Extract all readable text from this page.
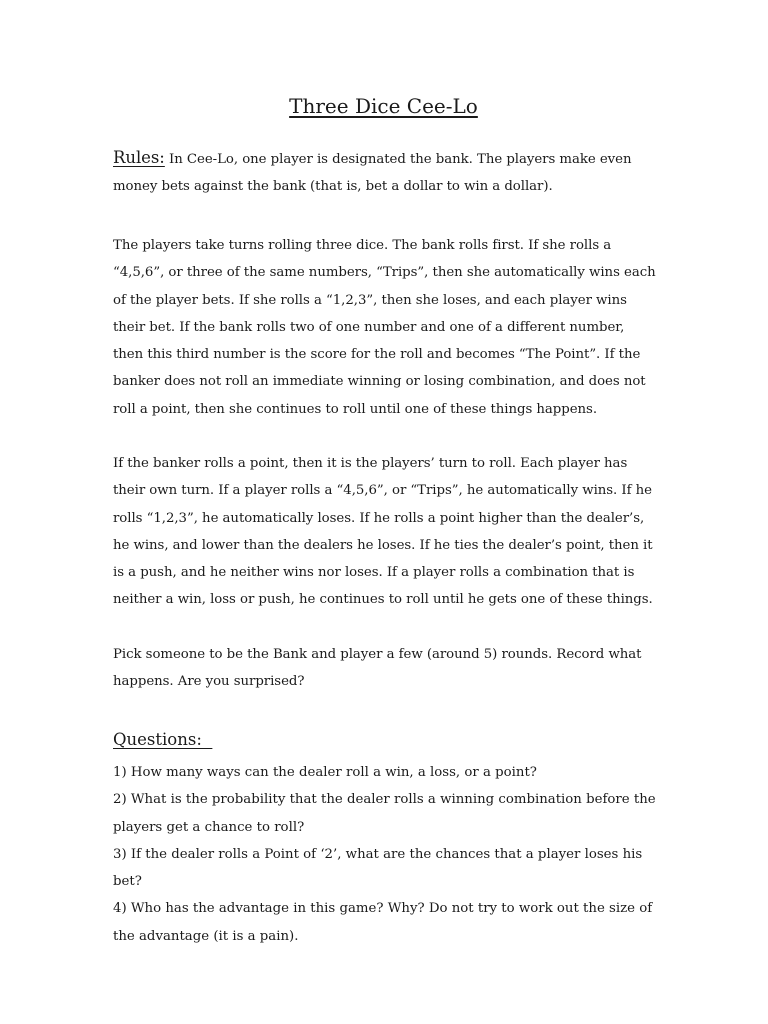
Three Dice Cee-Lo

Rules: In Cee-Lo, one player is designated the bank. The players make even money bets against the bank (that is, bet a dollar to win a dollar).

The players take turns rolling three dice. The bank rolls first. If she rolls a “4,5,6”, or three of the same numbers, “Trips”, then she automatically wins each of the player bets. If she rolls a “1,2,3”, then she loses, and each player wins their bet. If the bank rolls two of one number and one of a different number, then this third number is the score for the roll and becomes “The Point”. If the banker does not roll an immediate winning or losing combination, and does not roll a point, then she continues to roll until one of these things happens.

If the banker rolls a point, then it is the players’ turn to roll. Each player has their own turn. If a player rolls a “4,5,6”, or “Trips”, he automatically wins. If he rolls “1,2,3”, he automatically loses. If he rolls a point higher than the dealer’s, he wins, and lower than the dealers he loses. If he ties the dealer’s point, then it is a push, and he neither wins nor loses. If a player rolls a combination that is neither a win, loss or push, he continues to roll until he gets one of these things.

Pick someone to be the Bank and player a few (around 5) rounds. Record what happens. Are you surprised?

Questions:
1) How many ways can the dealer roll a win, a loss, or a point?
2) What is the probability that the dealer rolls a winning combination before the players get a chance to roll?
3) If the dealer rolls a Point of ‘2’, what are the chances that a player loses his bet?
4) Who has the advantage in this game? Why? Do not try to work out the size of the advantage (it is a pain).
